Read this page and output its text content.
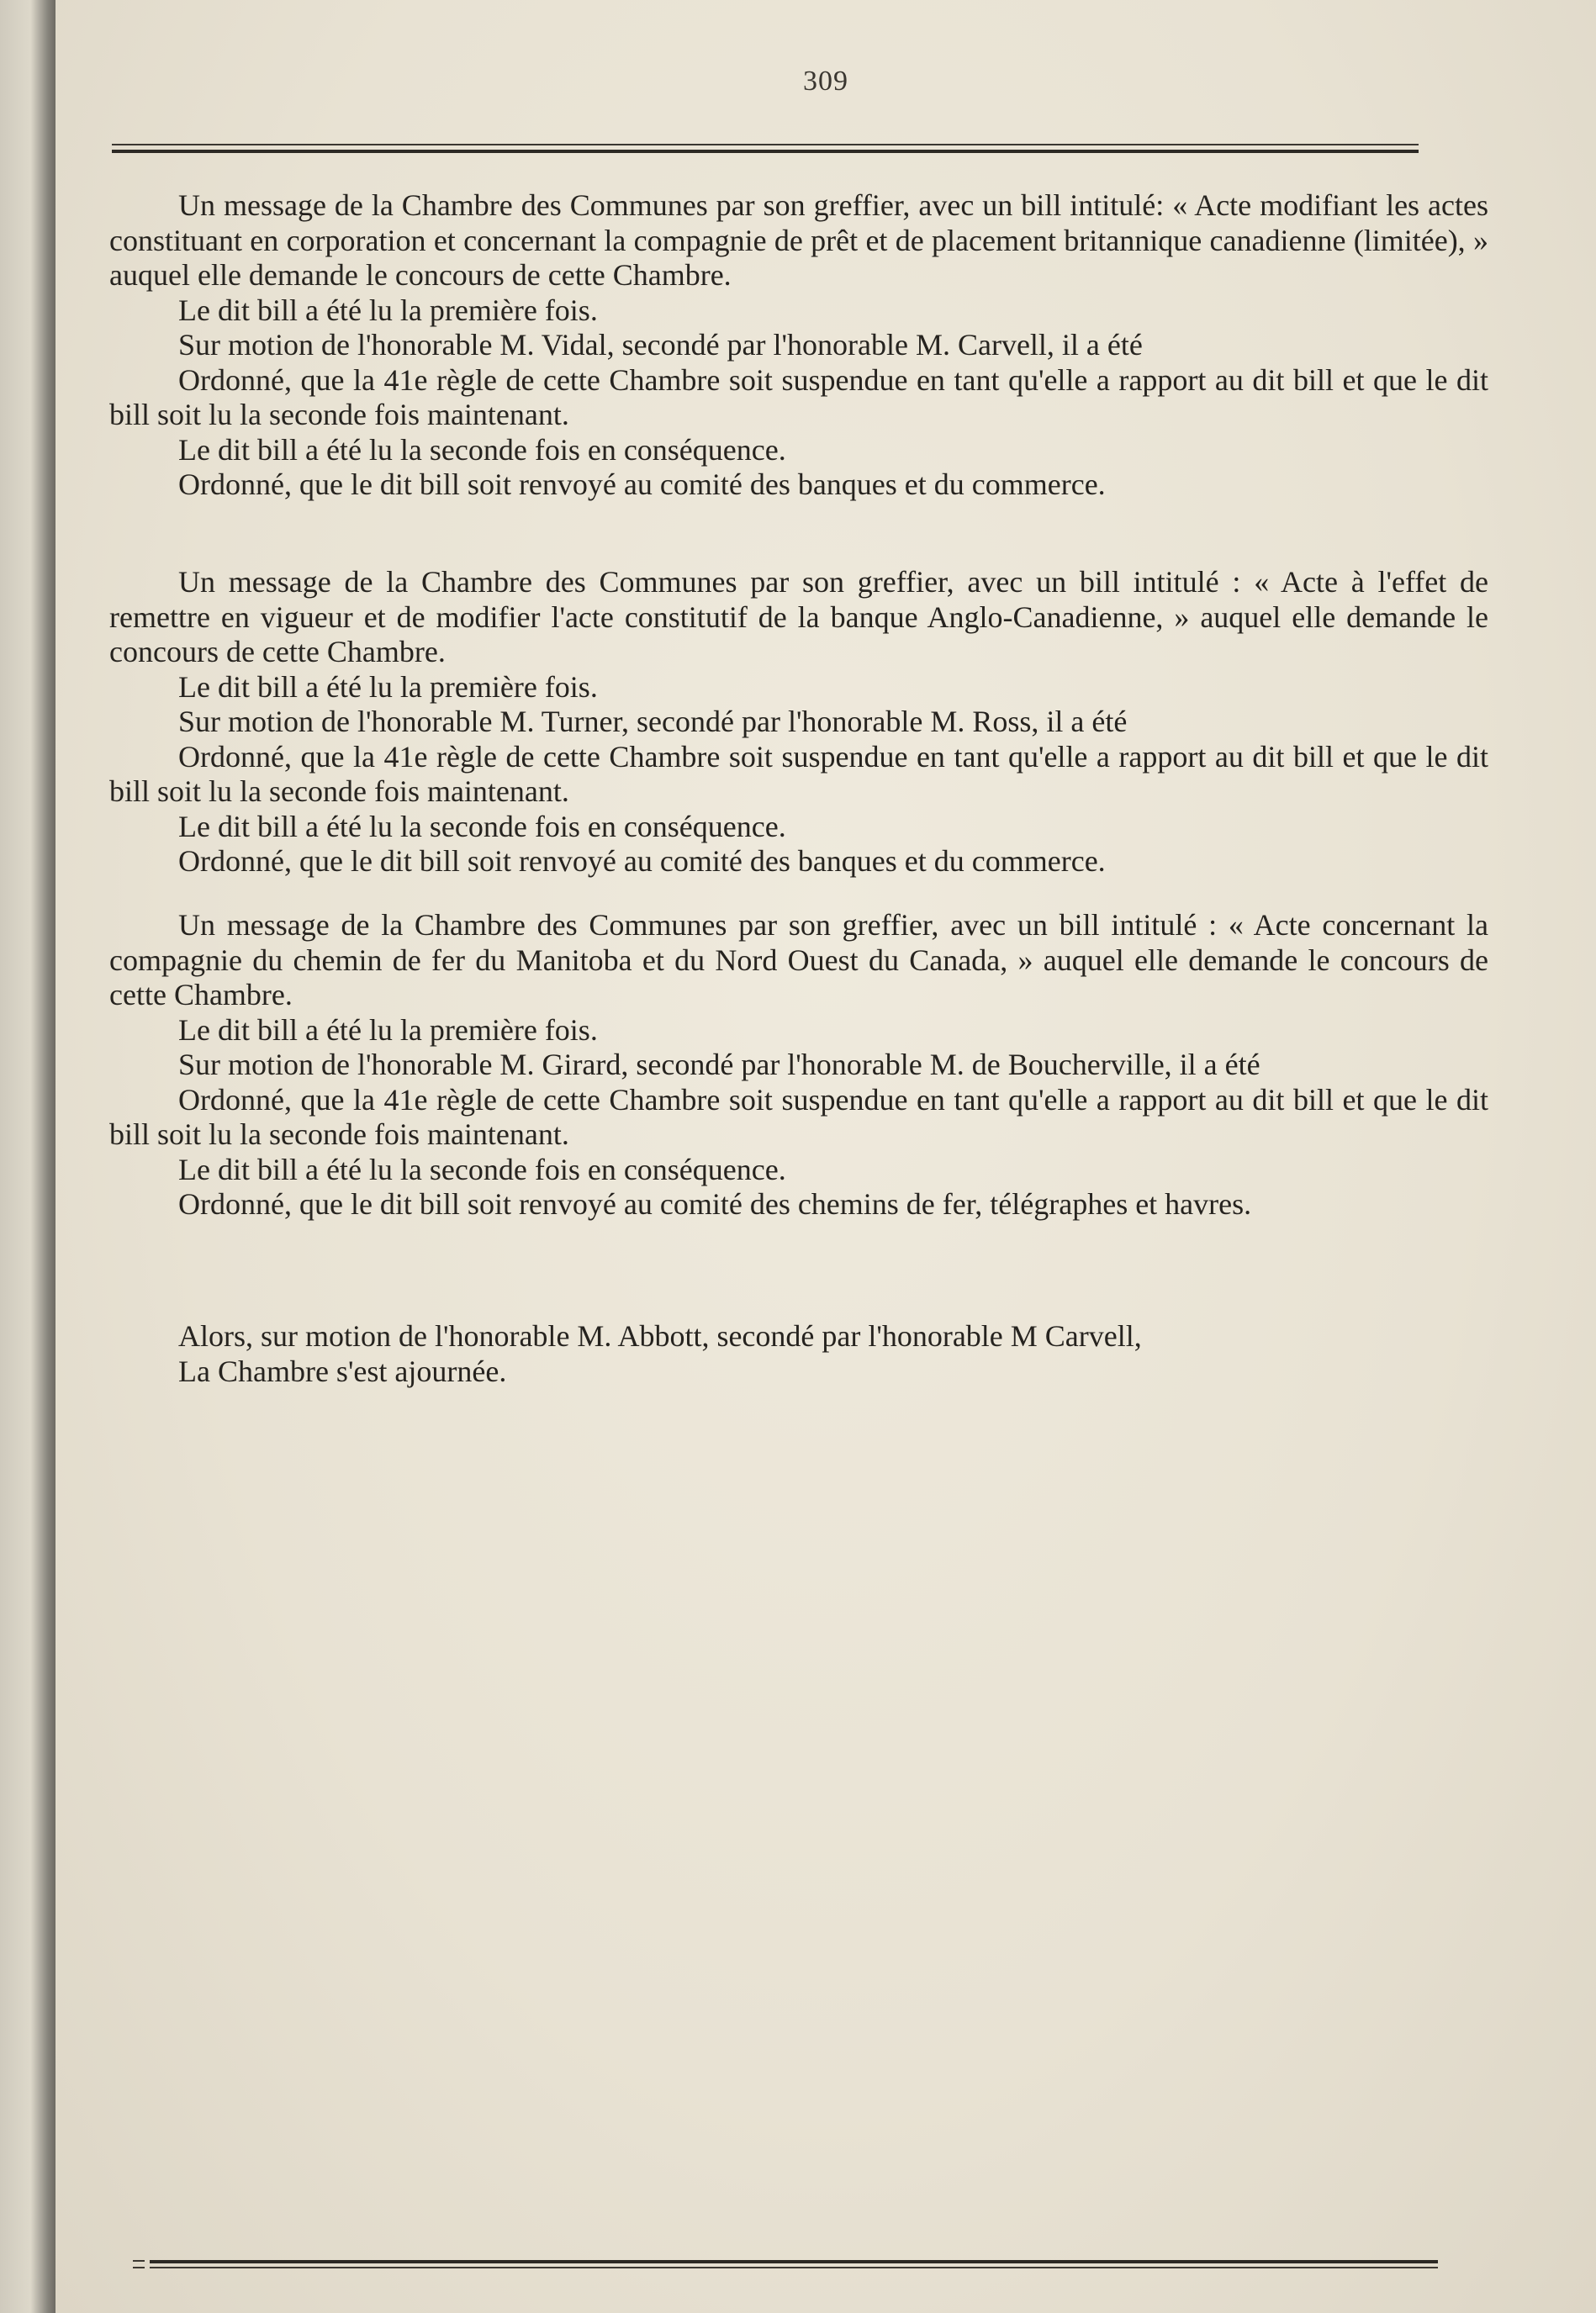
309

Un message de la Chambre des Communes par son greffier, avec un bill intitulé: « Acte modifiant les actes constituant en corporation et concernant la compagnie de prêt et de placement britannique canadienne (limitée), » auquel elle demande le concours de cette Chambre.

Le dit bill a été lu la première fois.

Sur motion de l'honorable M. Vidal, secondé par l'honorable M. Carvell, il a été

Ordonné, que la 41e règle de cette Chambre soit suspendue en tant qu'elle a rapport au dit bill et que le dit bill soit lu la seconde fois maintenant.

Le dit bill a été lu la seconde fois en conséquence.

Ordonné, que le dit bill soit renvoyé au comité des banques et du commerce.

Un message de la Chambre des Communes par son greffier, avec un bill intitulé : « Acte à l'effet de remettre en vigueur et de modifier l'acte constitutif de la banque Anglo-Canadienne, » auquel elle demande le concours de cette Chambre.

Le dit bill a été lu la première fois.

Sur motion de l'honorable M. Turner, secondé par l'honorable M. Ross, il a été

Ordonné, que la 41e règle de cette Chambre soit suspendue en tant qu'elle a rapport au dit bill et que le dit bill soit lu la seconde fois maintenant.

Le dit bill a été lu la seconde fois en conséquence.

Ordonné, que le dit bill soit renvoyé au comité des banques et du commerce.

Un message de la Chambre des Communes par son greffier, avec un bill intitulé : « Acte concernant la compagnie du chemin de fer du Manitoba et du Nord Ouest du Canada, » auquel elle demande le concours de cette Chambre.

Le dit bill a été lu la première fois.

Sur motion de l'honorable M. Girard, secondé par l'honorable M. de Boucherville, il a été

Ordonné, que la 41e règle de cette Chambre soit suspendue en tant qu'elle a rapport au dit bill et que le dit bill soit lu la seconde fois maintenant.

Le dit bill a été lu la seconde fois en conséquence.

Ordonné, que le dit bill soit renvoyé au comité des chemins de fer, télégraphes et havres.

Alors, sur motion de l'honorable M. Abbott, secondé par l'honorable M Carvell,

La Chambre s'est ajournée.
